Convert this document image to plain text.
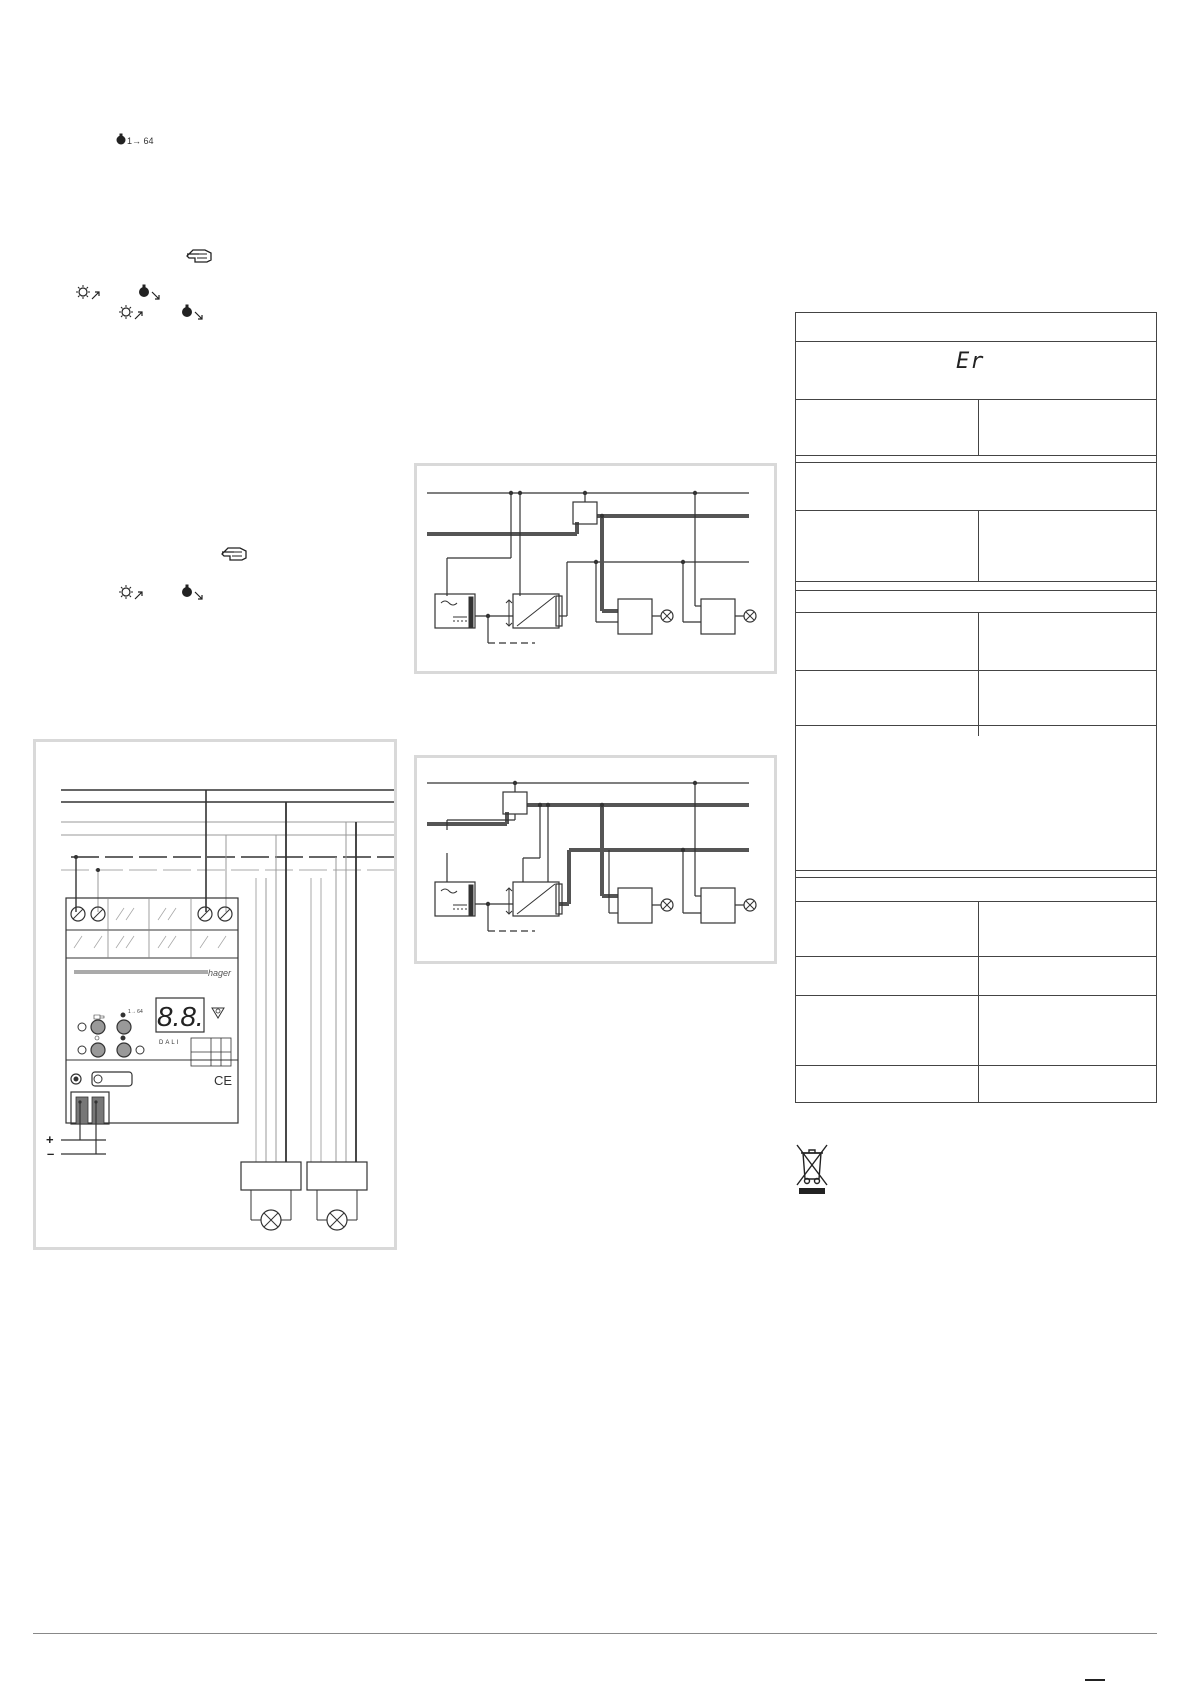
1→ 64
hager
8.8.
DALI
1→ 64
CE
+
–
Er
